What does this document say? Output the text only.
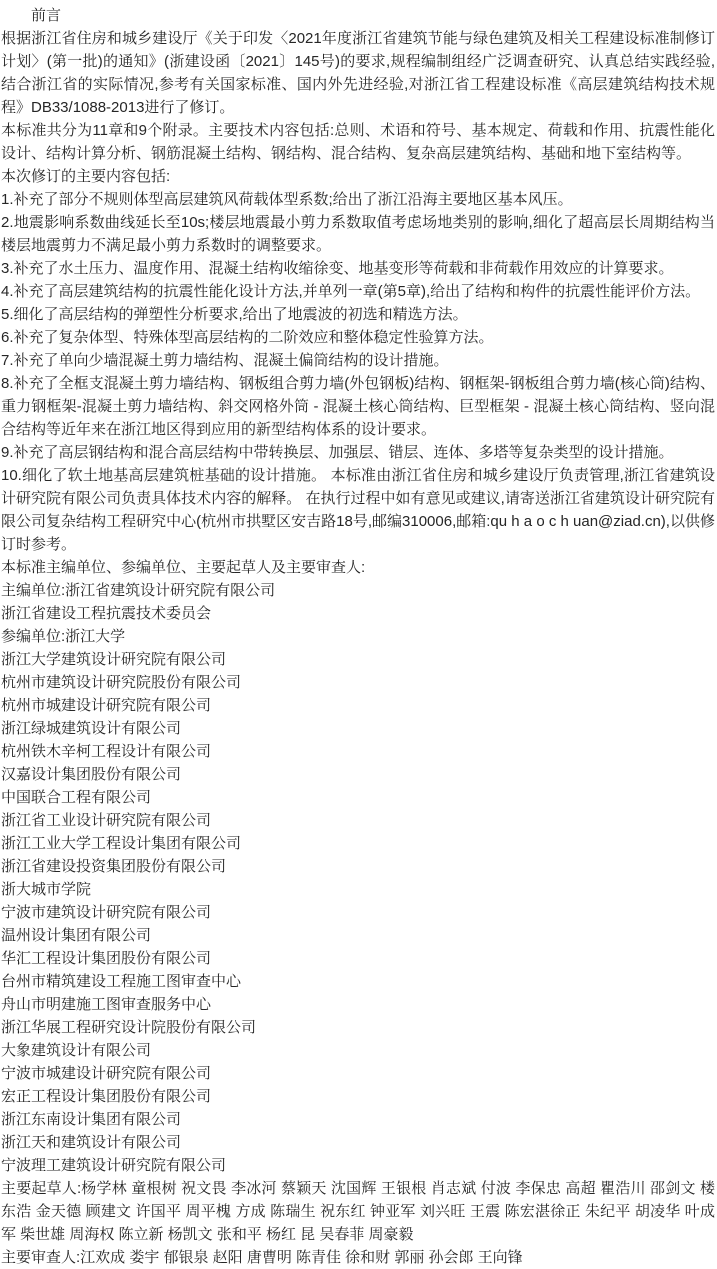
前言

根据浙江省住房和城乡建设厅《关于印发〈2021年度浙江省建筑节能与绿色建筑及相关工程建设标准制修订计划〉(第一批)的通知》(浙建设函〔2021〕145号)的要求,规程编制组经广泛调查研究、认真总结实践经验,结合浙江省的实际情况,参考有关国家标准、国内外先进经验,对浙江省工程建设标准《高层建筑结构技术规程》DB33/1088-2013进行了修订。

本标准共分为11章和9个附录。主要技术内容包括:总则、术语和符号、基本规定、荷载和作用、抗震性能化设计、结构计算分析、钢筋混凝土结构、钢结构、混合结构、复杂高层建筑结构、基础和地下室结构等。

本次修订的主要内容包括:

1.补充了部分不规则体型高层建筑风荷载体型系数;给出了浙江沿海主要地区基本风压。

2.地震影响系数曲线延长至10s;楼层地震最小剪力系数取值考虑场地类别的影响,细化了超高层长周期结构当楼层地震剪力不满足最小剪力系数时的调整要求。

3.补充了水土压力、温度作用、混凝土结构收缩徐变、地基变形等荷载和非荷载作用效应的计算要求。

4.补充了高层建筑结构的抗震性能化设计方法,并单列一章(第5章),给出了结构和构件的抗震性能评价方法。

5.细化了高层结构的弹塑性分析要求,给出了地震波的初选和精选方法。

6.补充了复杂体型、特殊体型高层结构的二阶效应和整体稳定性验算方法。

7.补充了单向少墙混凝土剪力墙结构、混凝土偏筒结构的设计措施。

8.补充了全框支混凝土剪力墙结构、钢板组合剪力墙(外包钢板)结构、钢框架-钢板组合剪力墙(核心筒)结构、重力钢框架-混凝土剪力墙结构、斜交网格外筒 - 混凝土核心筒结构、巨型框架 - 混凝土核心筒结构、竖向混合结构等近年来在浙江地区得到应用的新型结构体系的设计要求。

9.补充了高层钢结构和混合高层结构中带转换层、加强层、错层、连体、多塔等复杂类型的设计措施。

10.细化了软土地基高层建筑桩基础的设计措施。 本标准由浙江省住房和城乡建设厅负责管理,浙江省建筑设计研究院有限公司负责具体技术内容的解释。 在执行过程中如有意见或建议,请寄送浙江省建筑设计研究院有限公司复杂结构工程研究中心(杭州市拱墅区安吉路18号,邮编310006,邮箱:qu h a o c h uan@ziad.cn),以供修订时参考。

本标准主编单位、参编单位、主要起草人及主要审查人:

主编单位:浙江省建筑设计研究院有限公司

浙江省建设工程抗震技术委员会

参编单位:浙江大学

浙江大学建筑设计研究院有限公司

杭州市建筑设计研究院股份有限公司

杭州市城建设计研究院有限公司

浙江绿城建筑设计有限公司

杭州铁木辛柯工程设计有限公司

汉嘉设计集团股份有限公司

中国联合工程有限公司

浙江省工业设计研究院有限公司

浙江工业大学工程设计集团有限公司

浙江省建设投资集团股份有限公司

浙大城市学院

宁波市建筑设计研究院有限公司

温州设计集团有限公司

华汇工程设计集团股份有限公司

台州市精筑建设工程施工图审查中心

舟山市明建施工图审查服务中心

浙江华展工程研究设计院股份有限公司

大象建筑设计有限公司

宁波市城建设计研究院有限公司

宏正工程设计集团股份有限公司

浙江东南设计集团有限公司

浙江天和建筑设计有限公司

宁波理工建筑设计研究院有限公司

主要起草人:杨学林 童根树 祝文畏 李冰河 蔡颖天 沈国辉 王银根 肖志斌 付波 李保忠 高超 瞿浩川 邵剑文 楼东浩 金天德 顾建文 许国平 周平槐 方成 陈瑞生 祝东红 钟亚军 刘兴旺 王震 陈宏湛徐正 朱纪平 胡凌华 叶成军 柴世雄 周海权 陈立新 杨凯文 张和平 杨红 昆 吴春菲 周豪毅

主要审查人:江欢成 娄宇 郁银泉 赵阳 唐曹明 陈青佳 徐和财 郭丽 孙会郎 王向锋
